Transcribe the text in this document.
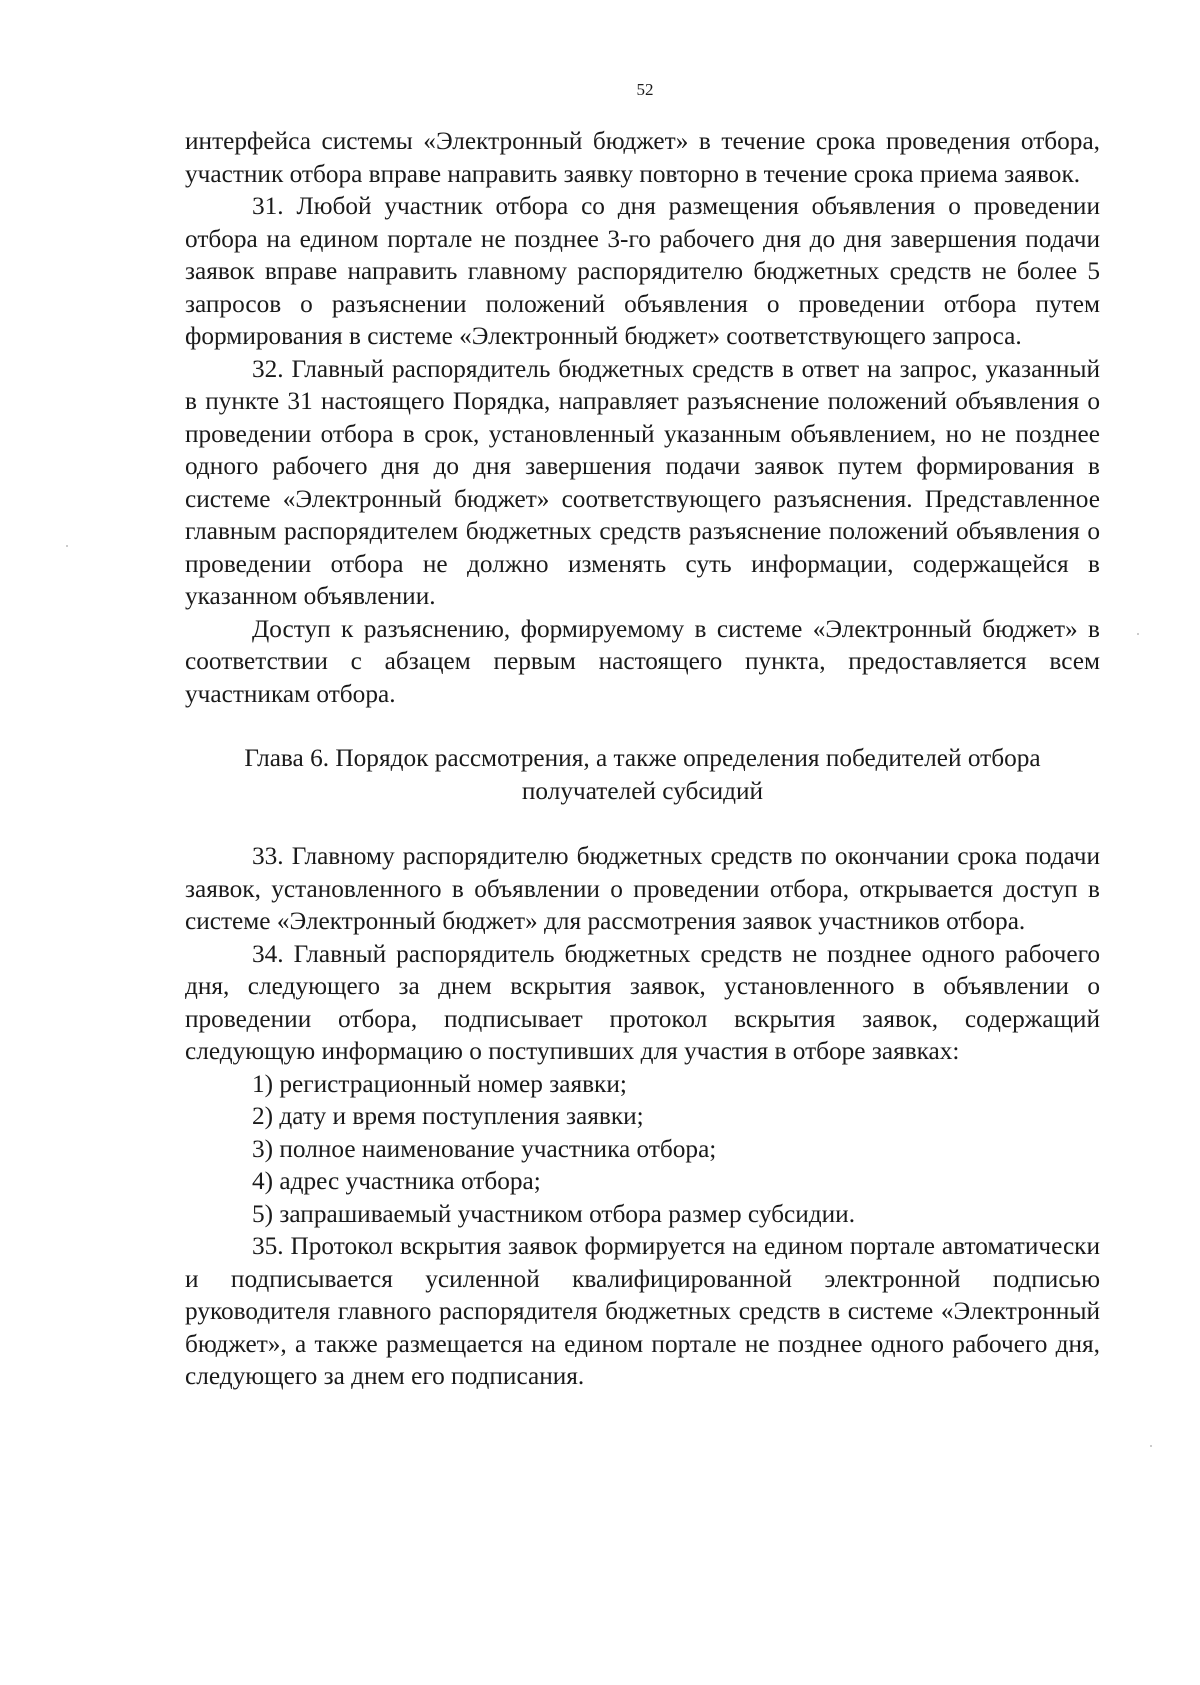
52

интерфейса системы «Электронный бюджет» в течение срока проведения отбора, участник отбора вправе направить заявку повторно в течение срока приема заявок.

31. Любой участник отбора со дня размещения объявления о проведении отбора на едином портале не позднее 3-го рабочего дня до дня завершения подачи заявок вправе направить главному распорядителю бюджетных средств не более 5 запросов о разъяснении положений объявления о проведении отбора путем формирования в системе «Электронный бюджет» соответствующего запроса.

32. Главный распорядитель бюджетных средств в ответ на запрос, указанный в пункте 31 настоящего Порядка, направляет разъяснение положений объявления о проведении отбора в срок, установленный указанным объявлением, но не позднее одного рабочего дня до дня завершения подачи заявок путем формирования в системе «Электронный бюджет» соответствующего разъяснения. Представленное главным распорядителем бюджетных средств разъяснение положений объявления о проведении отбора не должно изменять суть информации, содержащейся в указанном объявлении.

Доступ к разъяснению, формируемому в системе «Электронный бюджет» в соответствии с абзацем первым настоящего пункта, предоставляется всем участникам отбора.

Глава 6. Порядок рассмотрения, а также определения победителей отбора
получателей субсидий

33. Главному распорядителю бюджетных средств по окончании срока подачи заявок, установленного в объявлении о проведении отбора, открывается доступ в системе «Электронный бюджет» для рассмотрения заявок участников отбора.

34. Главный распорядитель бюджетных средств не позднее одного рабочего дня, следующего за днем вскрытия заявок, установленного в объявлении о проведении отбора, подписывает протокол вскрытия заявок, содержащий следующую информацию о поступивших для участия в отборе заявках:

1) регистрационный номер заявки;

2) дату и время поступления заявки;

3) полное наименование участника отбора;

4) адрес участника отбора;

5) запрашиваемый участником отбора размер субсидии.

35. Протокол вскрытия заявок формируется на едином портале автоматически и подписывается усиленной квалифицированной электронной подписью руководителя главного распорядителя бюджетных средств в системе «Электронный бюджет», а также размещается на едином портале не позднее одного рабочего дня, следующего за днем его подписания.
